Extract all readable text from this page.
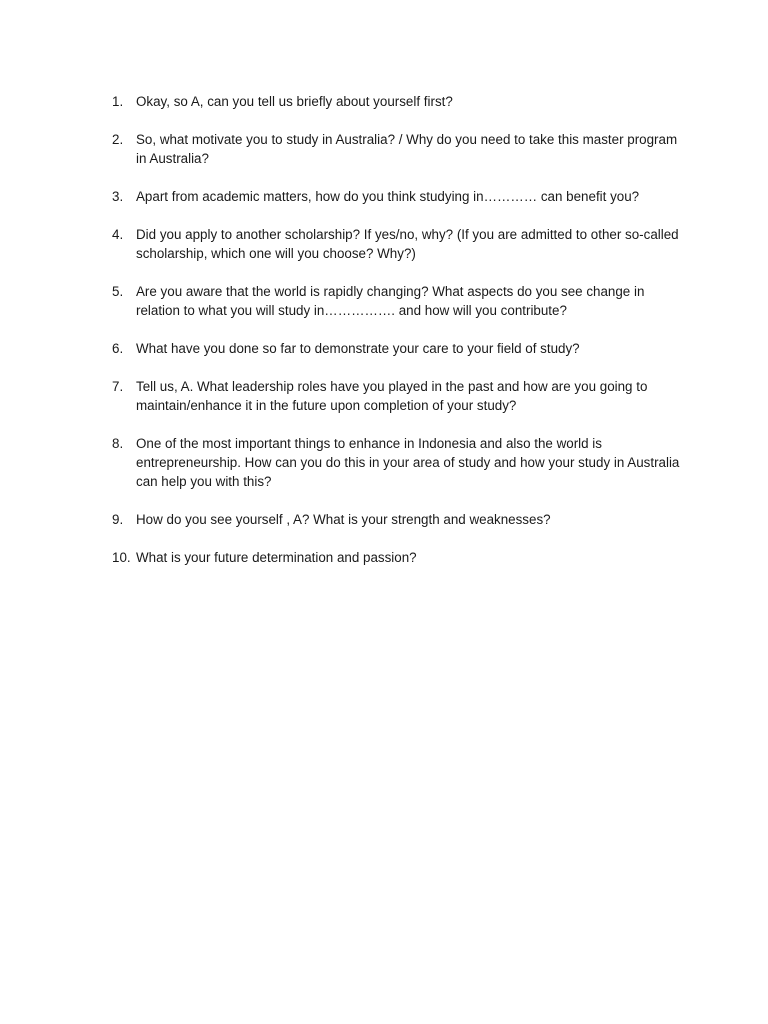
1. Okay, so A, can you tell us briefly about yourself first?
2. So, what motivate you to study in Australia? / Why do you need to take this master program in Australia?
3. Apart from academic matters, how do you think studying in………… can benefit you?
4. Did you apply to another scholarship? If yes/no, why? (If you are admitted to other so-called scholarship, which one will you choose? Why?)
5. Are you aware that the world is rapidly changing? What aspects do you see change in relation to what you will study in……………. and how will you contribute?
6. What have you done so far to demonstrate your care to your field of study?
7. Tell us, A. What leadership roles have you played in the past and how are you going to maintain/enhance it in the future upon completion of your study?
8. One of the most important things to enhance in Indonesia and also the world is entrepreneurship. How can you do this in your area of study and how your study in Australia can help you with this?
9. How do you see yourself , A? What is your strength and weaknesses?
10. What is your future determination and passion?
